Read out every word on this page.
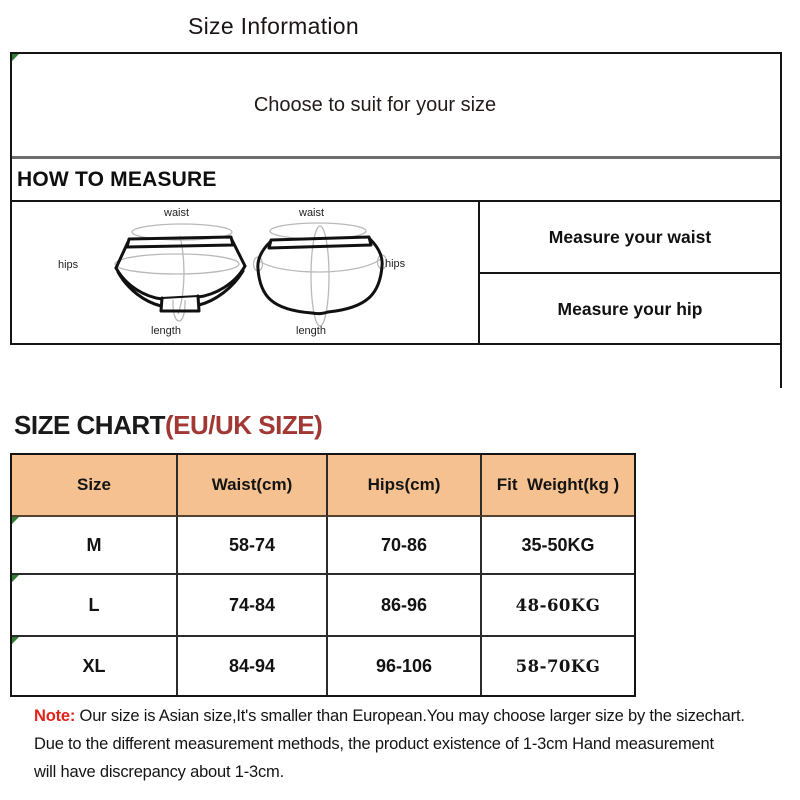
Size Information
Choose to suit for your size
HOW TO MEASURE
waist
hips
length
waist
hips
length
Measure your waist
Measure your hip
SIZE CHART(EU/UK SIZE)
Size	Waist(cm)	Hips(cm)	Fit  Weight(kg )
M	58-74	70-86	35-50KG
L	74-84	86-96	48-60KG
XL	84-94	96-106	58-70KG
Note: Our size is Asian size,It's smaller than European.You may choose larger size by the sizechart.
Due to the different measurement methods, the product existence of 1-3cm Hand measurement
will have discrepancy about 1-3cm.
